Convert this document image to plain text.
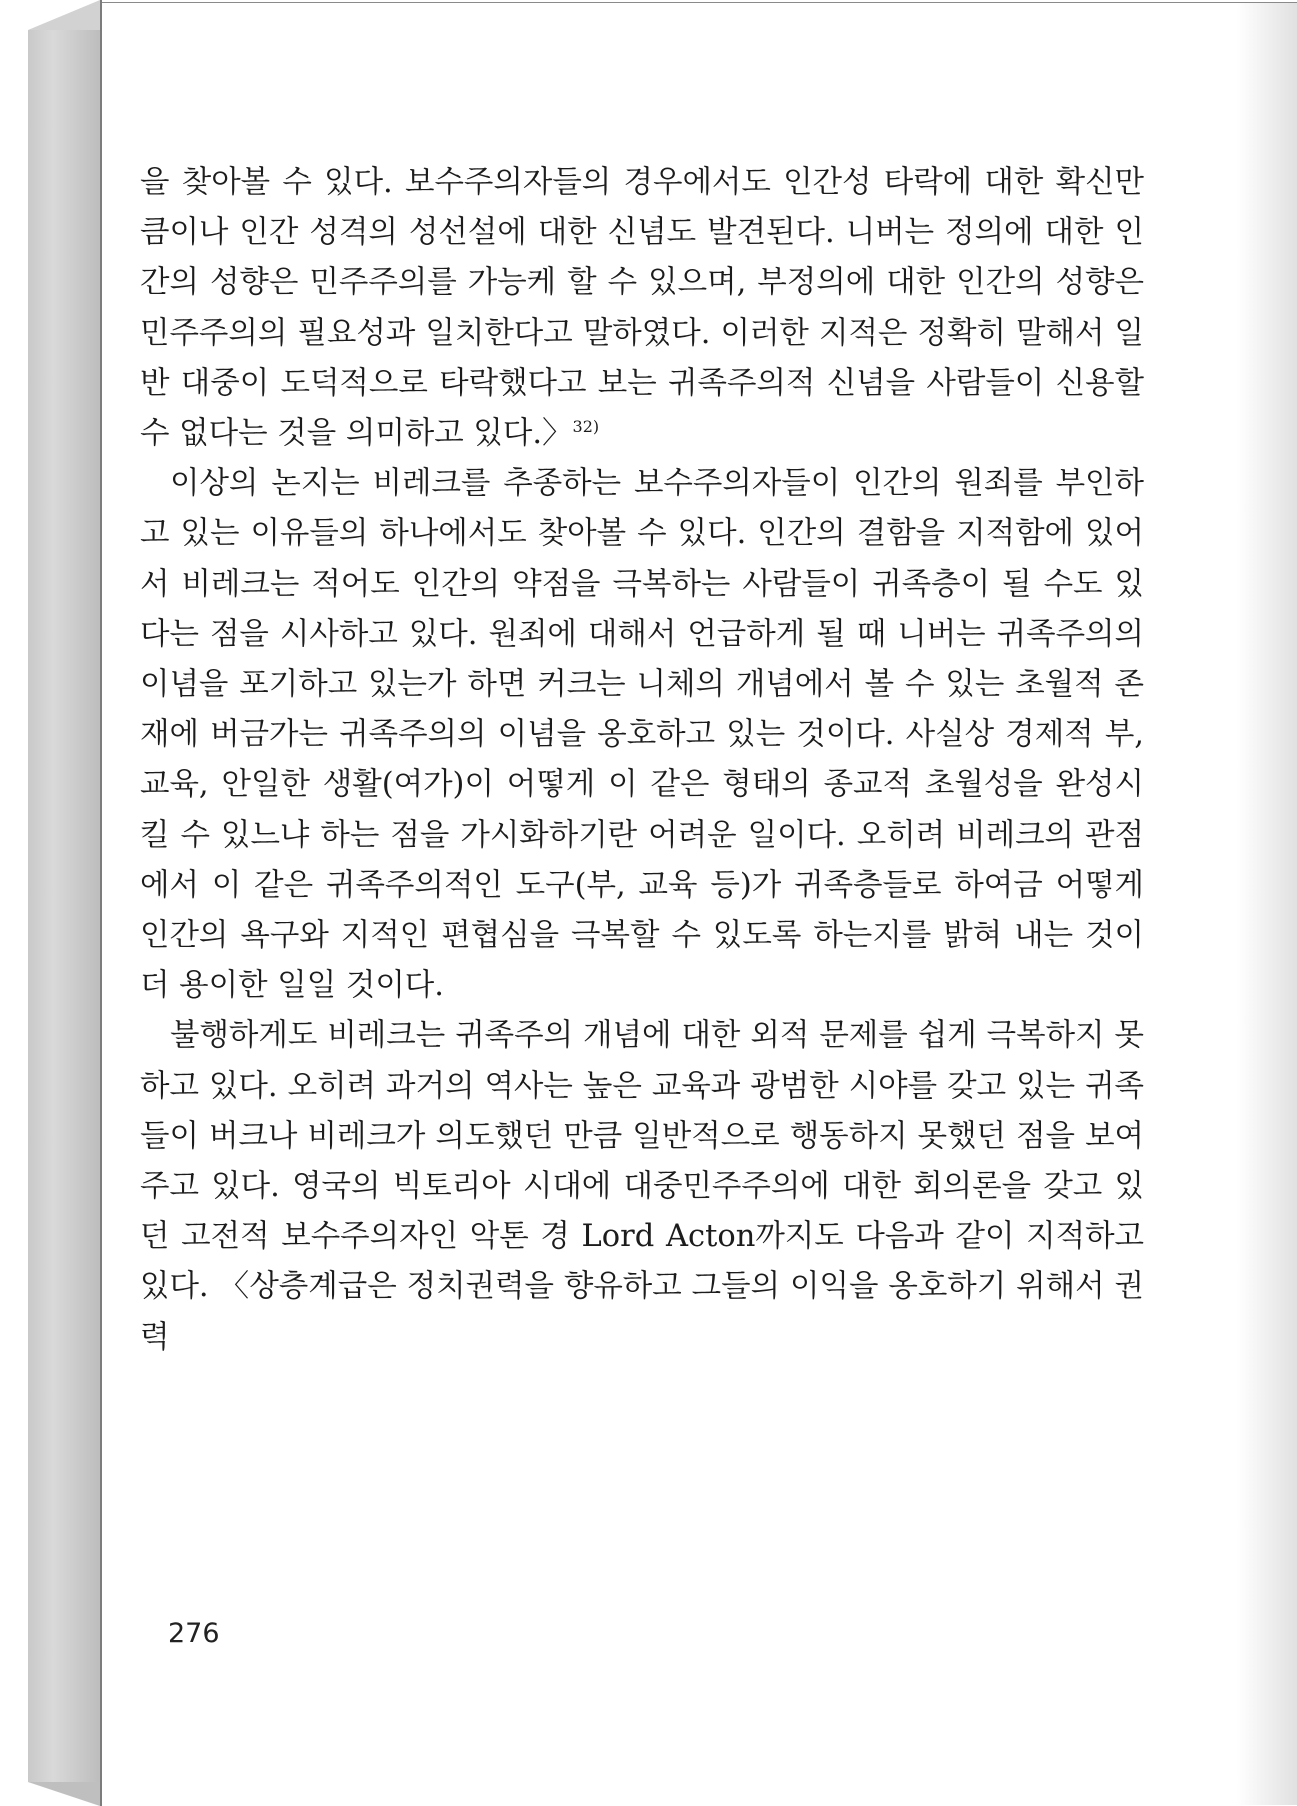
을 찾아볼 수 있다. 보수주의자들의 경우에서도 인간성 타락에 대한 확신만큼이나 인간 성격의 성선설에 대한 신념도 발견된다. 니버는 정의에 대한 인간의 성향은 민주주의를 가능케 할 수 있으며, 부정의에 대한 인간의 성향은 민주주의의 필요성과 일치한다고 말하였다. 이러한 지적은 정확히 말해서 일반 대중이 도덕적으로 타락했다고 보는 귀족주의적 신념을 사람들이 신용할 수 없다는 것을 의미하고 있다.〉$^{32)}$

이상의 논지는 비레크를 추종하는 보수주의자들이 인간의 원죄를 부인하고 있는 이유들의 하나에서도 찾아볼 수 있다. 인간의 결함을 지적함에 있어서 비레크는 적어도 인간의 약점을 극복하는 사람들이 귀족층이 될 수도 있다는 점을 시사하고 있다. 원죄에 대해서 언급하게 될 때 니버는 귀족주의의 이념을 포기하고 있는가 하면 커크는 니체의 개념에서 볼 수 있는 초월적 존재에 버금가는 귀족주의의 이념을 옹호하고 있는 것이다. 사실상 경제적 부, 교육, 안일한 생활(여가)이 어떻게 이 같은 형태의 종교적 초월성을 완성시킬 수 있느냐 하는 점을 가시화하기란 어려운 일이다. 오히려 비레크의 관점에서 이 같은 귀족주의적인 도구(부, 교육 등)가 귀족층들로 하여금 어떻게 인간의 욕구와 지적인 편협심을 극복할 수 있도록 하는지를 밝혀 내는 것이 더 용이한 일일 것이다.

불행하게도 비레크는 귀족주의 개념에 대한 외적 문제를 쉽게 극복하지 못하고 있다. 오히려 과거의 역사는 높은 교육과 광범한 시야를 갖고 있는 귀족들이 버크나 비레크가 의도했던 만큼 일반적으로 행동하지 못했던 점을 보여 주고 있다. 영국의 빅토리아 시대에 대중민주주의에 대한 회의론을 갖고 있던 고전적 보수주의자인 악톤 경 Lord Acton까지도 다음과 같이 지적하고 있다. 〈상층계급은 정치권력을 향유하고 그들의 이익을 옹호하기 위해서 권력

276
